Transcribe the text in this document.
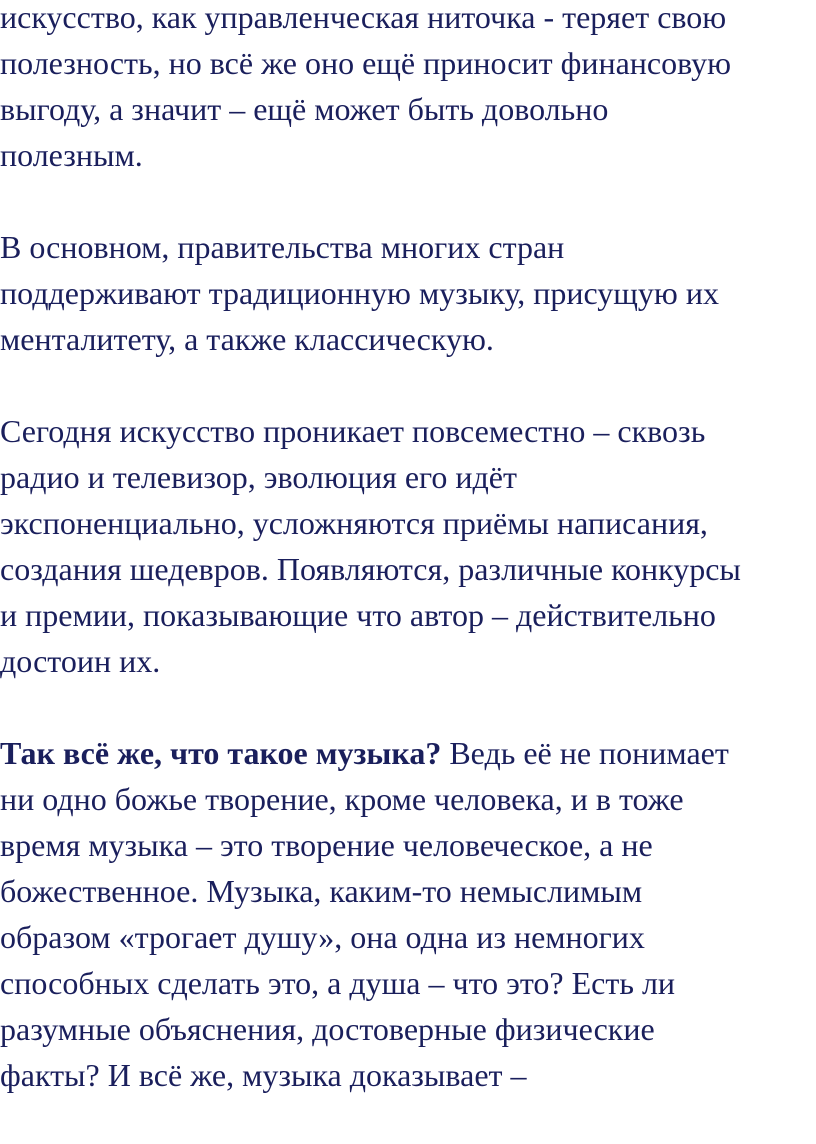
искусство, как управленческая ниточка - теряет свою
полезность, но всё же оно ещё приносит финансовую
выгоду, а значит – ещё может быть довольно
полезным.
В основном, правительства многих стран
поддерживают традиционную музыку, присущую их
менталитету, а также классическую.
Сегодня искусство проникает повсеместно – сквозь
радио и телевизор, эволюция его идёт
экспоненциально, усложняются приёмы написания,
создания шедевров. Появляются, различные конкурсы
и премии, показывающие что автор – действительно
достоин их.
Так всё же, что такое музыка? Ведь её не понимает
ни одно божье творение, кроме человека, и в тоже
время музыка – это творение человеческое, а не
божественное. Музыка, каким-то немыслимым
образом «трогает душу», она одна из немногих
способных сделать это, а душа – что это? Есть ли
разумные объяснения, достоверные физические
факты? И всё же, музыка доказывает –
